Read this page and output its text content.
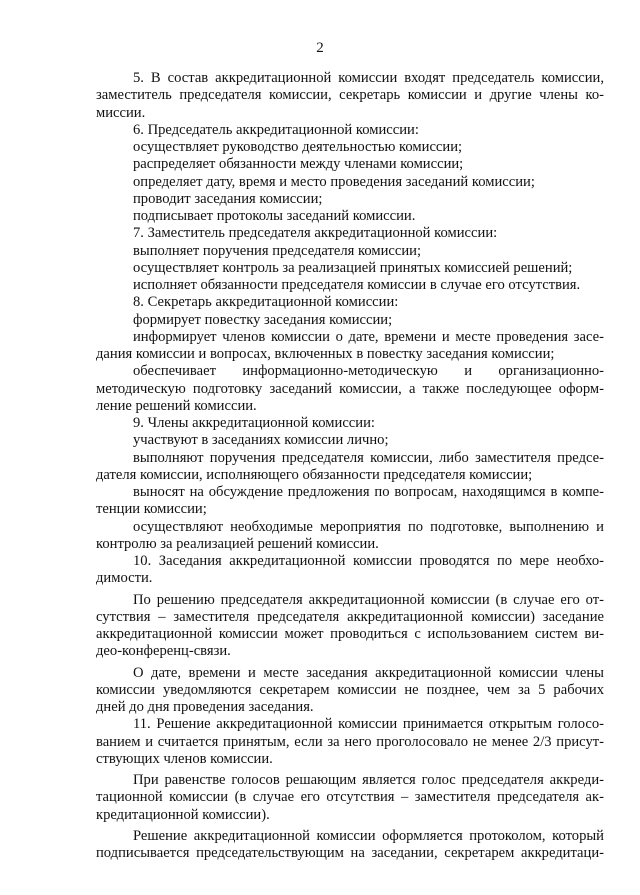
2
5. В состав аккредитационной комиссии входят председатель комиссии,
заместитель председателя комиссии, секретарь комиссии и другие члены ко-
миссии.
6. Председатель аккредитационной комиссии:
осуществляет руководство деятельностью комиссии;
распределяет обязанности между членами комиссии;
определяет дату, время и место проведения заседаний комиссии;
проводит заседания комиссии;
подписывает протоколы заседаний комиссии.
7. Заместитель председателя аккредитационной комиссии:
выполняет поручения председателя комиссии;
осуществляет контроль за реализацией принятых комиссией решений;
исполняет обязанности председателя комиссии в случае его отсутствия.
8. Секретарь аккредитационной комиссии:
формирует повестку заседания комиссии;
информирует членов комиссии о дате, времени и месте проведения засе-
дания комиссии и вопросах, включенных в повестку заседания комиссии;
обеспечивает информационно-методическую и организационно-
методическую подготовку заседаний комиссии, а также последующее оформ-
ление решений комиссии.
9. Члены аккредитационной комиссии:
участвуют в заседаниях комиссии лично;
выполняют поручения председателя комиссии, либо заместителя предсе-
дателя комиссии, исполняющего обязанности председателя комиссии;
выносят на обсуждение предложения по вопросам, находящимся в компе-
тенции комиссии;
осуществляют необходимые мероприятия по подготовке, выполнению и
контролю за реализацией решений комиссии.
10. Заседания аккредитационной комиссии проводятся по мере необхо-
димости.
По решению председателя аккредитационной комиссии (в случае его от-
сутствия – заместителя председателя аккредитационной комиссии) заседание
аккредитационной комиссии может проводиться с использованием систем ви-
део-конференц-связи.
О дате, времени и месте заседания аккредитационной комиссии члены
комиссии уведомляются секретарем комиссии не позднее, чем за 5 рабочих
дней до дня проведения заседания.
11. Решение аккредитационной комиссии принимается открытым голосо-
ванием и считается принятым, если за него проголосовало не менее 2/3 присут-
ствующих членов комиссии.
При равенстве голосов решающим является голос председателя аккреди-
тационной комиссии (в случае его отсутствия – заместителя председателя ак-
кредитационной комиссии).
Решение аккредитационной комиссии оформляется протоколом, который
подписывается председательствующим на заседании, секретарем аккредитаци-
